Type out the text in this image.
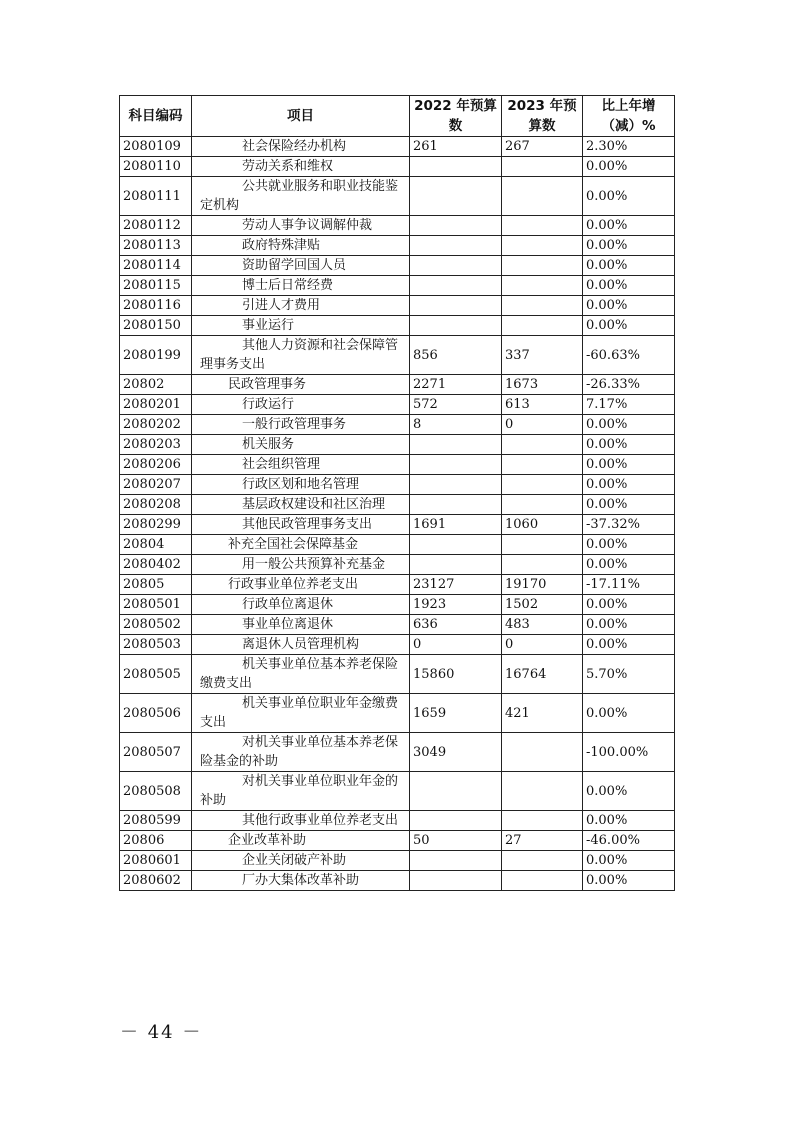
科目编码	项目	2022 年预算数	2023 年预算数	比上年增（减）%
2080109	社会保险经办机构	261	267	2.30%
2080110	劳动关系和维权			0.00%
2080111	公共就业服务和职业技能鉴定机构			0.00%
2080112	劳动人事争议调解仲裁			0.00%
2080113	政府特殊津贴			0.00%
2080114	资助留学回国人员			0.00%
2080115	博士后日常经费			0.00%
2080116	引进人才费用			0.00%
2080150	事业运行			0.00%
2080199	其他人力资源和社会保障管理事务支出	856	337	-60.63%
20802	民政管理事务	2271	1673	-26.33%
2080201	行政运行	572	613	7.17%
2080202	一般行政管理事务	8	0	0.00%
2080203	机关服务			0.00%
2080206	社会组织管理			0.00%
2080207	行政区划和地名管理			0.00%
2080208	基层政权建设和社区治理			0.00%
2080299	其他民政管理事务支出	1691	1060	-37.32%
20804	补充全国社会保障基金			0.00%
2080402	用一般公共预算补充基金			0.00%
20805	行政事业单位养老支出	23127	19170	-17.11%
2080501	行政单位离退休	1923	1502	0.00%
2080502	事业单位离退休	636	483	0.00%
2080503	离退休人员管理机构	0	0	0.00%
2080505	机关事业单位基本养老保险缴费支出	15860	16764	5.70%
2080506	机关事业单位职业年金缴费支出	1659	421	0.00%
2080507	对机关事业单位基本养老保险基金的补助	3049		-100.00%
2080508	对机关事业单位职业年金的补助			0.00%
2080599	其他行政事业单位养老支出			0.00%
20806	企业改革补助	50	27	-46.00%
2080601	企业关闭破产补助			0.00%
2080602	厂办大集体改革补助			0.00%
－ 44 －
